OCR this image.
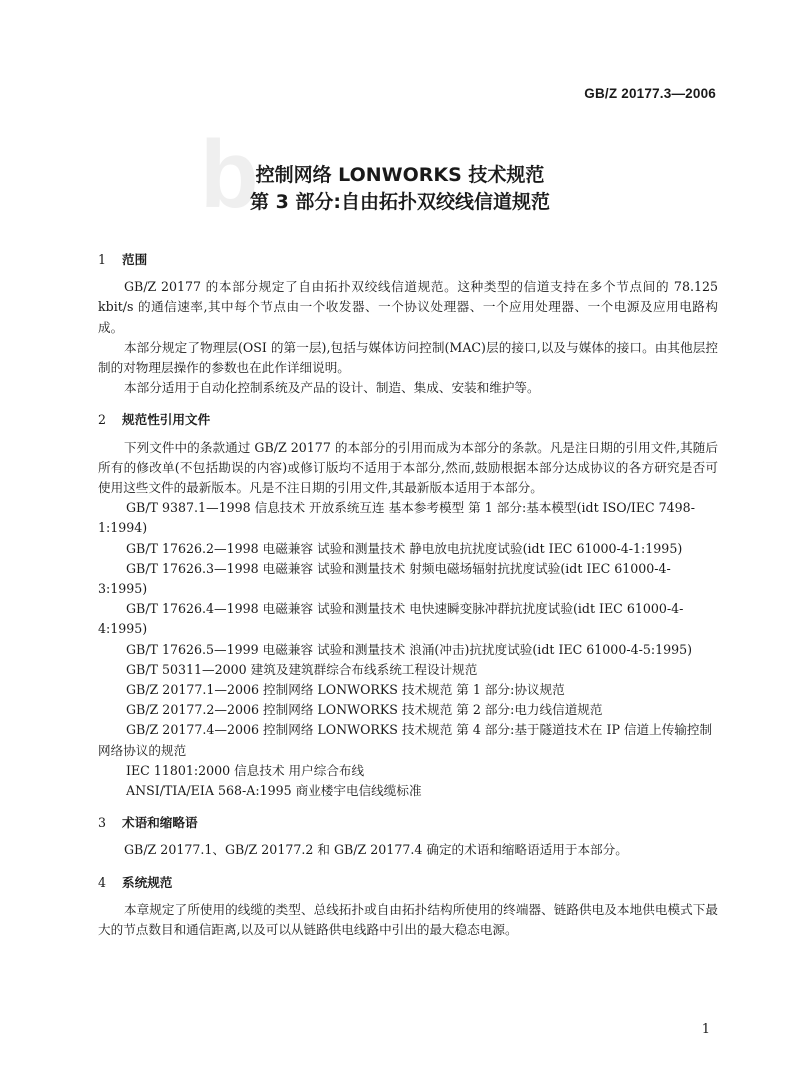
GB/Z 20177.3—2006
b
控制网络 LONWORKS 技术规范
第 3 部分:自由拓扑双绞线信道规范

1 范围

GB/Z 20177 的本部分规定了自由拓扑双绞线信道规范。这种类型的信道支持在多个节点间的 78.125 kbit/s 的通信速率,其中每个节点由一个收发器、一个协议处理器、一个应用处理器、一个电源及应用电路构成。

本部分规定了物理层(OSI 的第一层),包括与媒体访问控制(MAC)层的接口,以及与媒体的接口。由其他层控制的对物理层操作的参数也在此作详细说明。

本部分适用于自动化控制系统及产品的设计、制造、集成、安装和维护等。

2 规范性引用文件

下列文件中的条款通过 GB/Z 20177 的本部分的引用而成为本部分的条款。凡是注日期的引用文件,其随后所有的修改单(不包括勘误的内容)或修订版均不适用于本部分,然而,鼓励根据本部分达成协议的各方研究是否可使用这些文件的最新版本。凡是不注日期的引用文件,其最新版本适用于本部分。

GB/T 9387.1—1998 信息技术 开放系统互连 基本参考模型 第 1 部分:基本模型(idt ISO/IEC 7498-1:1994)

GB/T 17626.2—1998 电磁兼容 试验和测量技术 静电放电抗扰度试验(idt IEC 61000-4-1:1995)

GB/T 17626.3—1998 电磁兼容 试验和测量技术 射频电磁场辐射抗扰度试验(idt IEC 61000-4-3:1995)

GB/T 17626.4—1998 电磁兼容 试验和测量技术 电快速瞬变脉冲群抗扰度试验(idt IEC 61000-4-4:1995)

GB/T 17626.5—1999 电磁兼容 试验和测量技术 浪涌(冲击)抗扰度试验(idt IEC 61000-4-5:1995)

GB/T 50311—2000 建筑及建筑群综合布线系统工程设计规范

GB/Z 20177.1—2006 控制网络 LONWORKS 技术规范 第 1 部分:协议规范

GB/Z 20177.2—2006 控制网络 LONWORKS 技术规范 第 2 部分:电力线信道规范

GB/Z 20177.4—2006 控制网络 LONWORKS 技术规范 第 4 部分:基于隧道技术在 IP 信道上传输控制网络协议的规范

IEC 11801:2000 信息技术 用户综合布线

ANSI/TIA/EIA 568-A:1995 商业楼宇电信线缆标准

3 术语和缩略语

GB/Z 20177.1、GB/Z 20177.2 和 GB/Z 20177.4 确定的术语和缩略语适用于本部分。

4 系统规范

本章规定了所使用的线缆的类型、总线拓扑或自由拓扑结构所使用的终端器、链路供电及本地供电模式下最大的节点数目和通信距离,以及可以从链路供电线路中引出的最大稳态电源。

1
